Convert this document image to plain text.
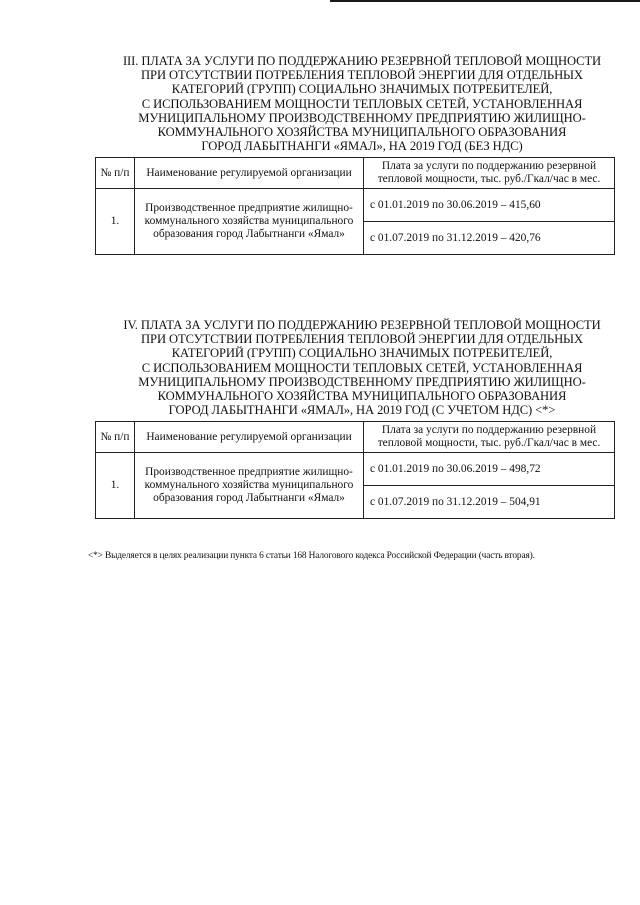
III. ПЛАТА ЗА УСЛУГИ ПО ПОДДЕРЖАНИЮ РЕЗЕРВНОЙ ТЕПЛОВОЙ МОЩНОСТИ
ПРИ ОТСУТСТВИИ ПОТРЕБЛЕНИЯ ТЕПЛОВОЙ ЭНЕРГИИ ДЛЯ ОТДЕЛЬНЫХ
КАТЕГОРИЙ (ГРУПП) СОЦИАЛЬНО ЗНАЧИМЫХ ПОТРЕБИТЕЛЕЙ,
С ИСПОЛЬЗОВАНИЕМ МОЩНОСТИ ТЕПЛОВЫХ СЕТЕЙ, УСТАНОВЛЕННАЯ
МУНИЦИПАЛЬНОМУ ПРОИЗВОДСТВЕННОМУ ПРЕДПРИЯТИЮ ЖИЛИЩНО-
КОММУНАЛЬНОГО ХОЗЯЙСТВА МУНИЦИПАЛЬНОГО ОБРАЗОВАНИЯ
ГОРОД ЛАБЫТНАНГИ «ЯМАЛ», НА 2019 ГОД (БЕЗ НДС)
№ п/п	Наименование регулируемой организации	Плата за услуги по поддержанию резервной тепловой мощности, тыс. руб./Гкал/час в мес.
1.	Производственное предприятие жилищно-коммунального хозяйства муниципального образования город Лабытнанги «Ямал»	с 01.01.2019 по 30.06.2019 – 415,60
		с 01.07.2019 по 31.12.2019 – 420,76
IV. ПЛАТА ЗА УСЛУГИ ПО ПОДДЕРЖАНИЮ РЕЗЕРВНОЙ ТЕПЛОВОЙ МОЩНОСТИ
ПРИ ОТСУТСТВИИ ПОТРЕБЛЕНИЯ ТЕПЛОВОЙ ЭНЕРГИИ ДЛЯ ОТДЕЛЬНЫХ
КАТЕГОРИЙ (ГРУПП) СОЦИАЛЬНО ЗНАЧИМЫХ ПОТРЕБИТЕЛЕЙ,
С ИСПОЛЬЗОВАНИЕМ МОЩНОСТИ ТЕПЛОВЫХ СЕТЕЙ, УСТАНОВЛЕННАЯ
МУНИЦИПАЛЬНОМУ ПРОИЗВОДСТВЕННОМУ ПРЕДПРИЯТИЮ ЖИЛИЩНО-
КОММУНАЛЬНОГО ХОЗЯЙСТВА МУНИЦИПАЛЬНОГО ОБРАЗОВАНИЯ
ГОРОД ЛАБЫТНАНГИ «ЯМАЛ», НА 2019 ГОД (С УЧЕТОМ НДС) <*>
№ п/п	Наименование регулируемой организации	Плата за услуги по поддержанию резервной тепловой мощности, тыс. руб./Гкал/час в мес.
1.	Производственное предприятие жилищно-коммунального хозяйства муниципального образования город Лабытнанги «Ямал»	с 01.01.2019 по 30.06.2019 – 498,72
		с 01.07.2019 по 31.12.2019 – 504,91
<*> Выделяется в целях реализации пункта 6 статьи 168 Налогового кодекса Российской Федерации (часть вторая).
